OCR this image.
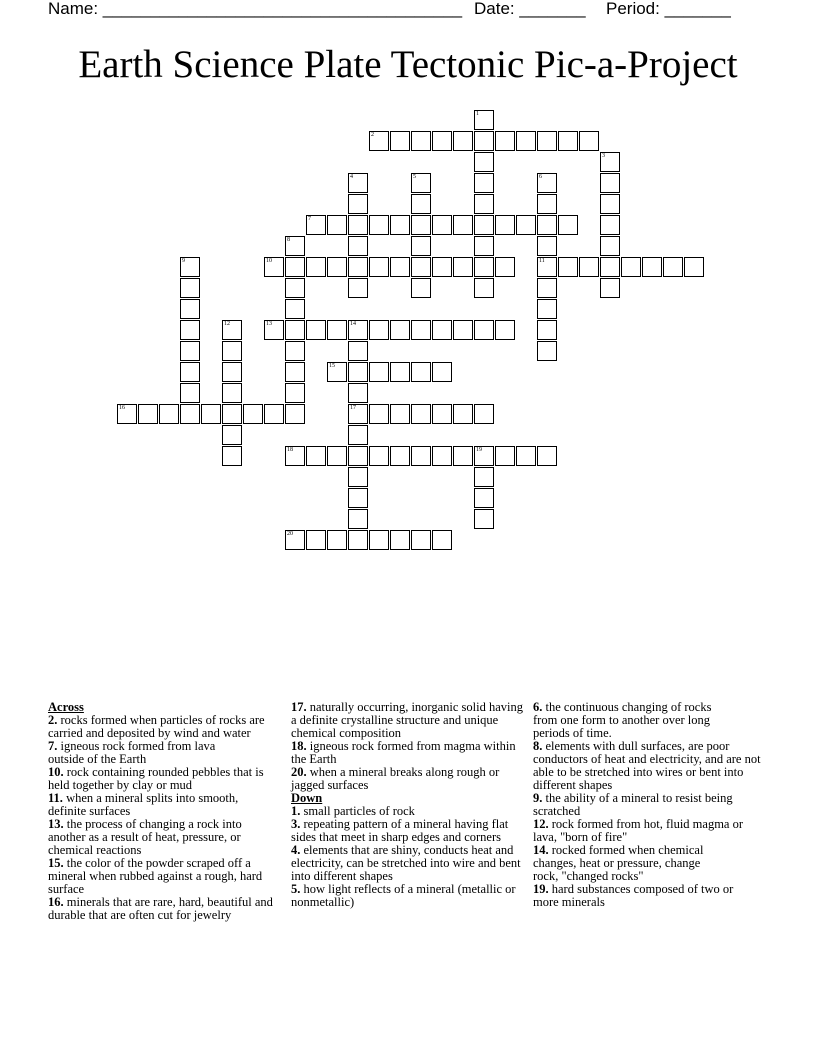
Name: ______________________________________ Date: _______ Period: _______
Earth Science Plate Tectonic Pic-a-Project
1
2
3
4	5	6
11
7
8
9	10
12	13	14
17
15
16
18	19
20
Across
2. rocks formed when particles of rocks are carried and deposited by wind and water
7. igneous rock formed from lava outside of the Earth
10. rock containing rounded pebbles that is held together by clay or mud
11. when a mineral splits into smooth, definite surfaces
13. the process of changing a rock into another as a result of heat, pressure, or chemical reactions
15. the color of the powder scraped off a mineral when rubbed against a rough, hard surface
16. minerals that are rare, hard, beautiful and durable that are often cut for jewelry
17. naturally occurring, inorganic solid having a definite crystalline structure and unique chemical composition
18. igneous rock formed from magma within the Earth
20. when a mineral breaks along rough or jagged surfaces
Down
1. small particles of rock
3. repeating pattern of a mineral having flat sides that meet in sharp edges and corners
4. elements that are shiny, conducts heat and electricity, can be stretched into wire and bent into different shapes
5. how light reflects of a mineral (metallic or nonmetallic)
6. the continuous changing of rocks from one form to another over long periods of time.
8. elements with dull surfaces, are poor conductors of heat and electricity, and are not able to be stretched into wires or bent into different shapes
9. the ability of a mineral to resist being scratched
12. rock formed from hot, fluid magma or lava, "born of fire"
14. rocked formed when chemical changes, heat or pressure, change rock, "changed rocks"
19. hard substances composed of two or more minerals
